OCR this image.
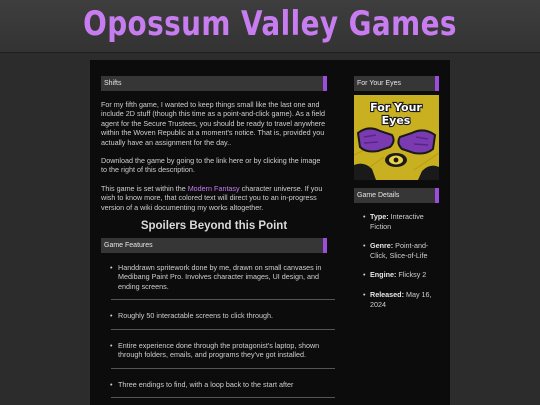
Opossum Valley Games
Shifts

For my fifth game, I wanted to keep things small like the last one and include 2D stuff (though this time as a point-and-click game). As a field agent for the Secure Trustees, you should be ready to travel anywhere within the Woven Republic at a moment's notice. That is, provided you actually have an assignment for the day..

Download the game by going to the link here or by clicking the image to the right of this description.

This game is set within the Modern Fantasy character universe. If you wish to know more, that colored text will direct you to an in-progress version of a wiki documenting my works altogether.

Spoilers Beyond this Point
Game Features
• Handdrawn spritework done by me, drawn on small canvases in Medibang Paint Pro. Involves character images, UI design, and ending screens.
• Roughly 50 interactable screens to click through.
• Entire experience done through the protagonist's laptop, shown through folders, emails, and programs they've got installed.
• Three endings to find, with a loop back to the start after
For Your Eyes
For Your
Eyes
Game Details
• Type: Interactive Fiction
• Genre: Point-and-Click, Slice-of-Life
• Engine: Flicksy 2
• Released: May 16, 2024
